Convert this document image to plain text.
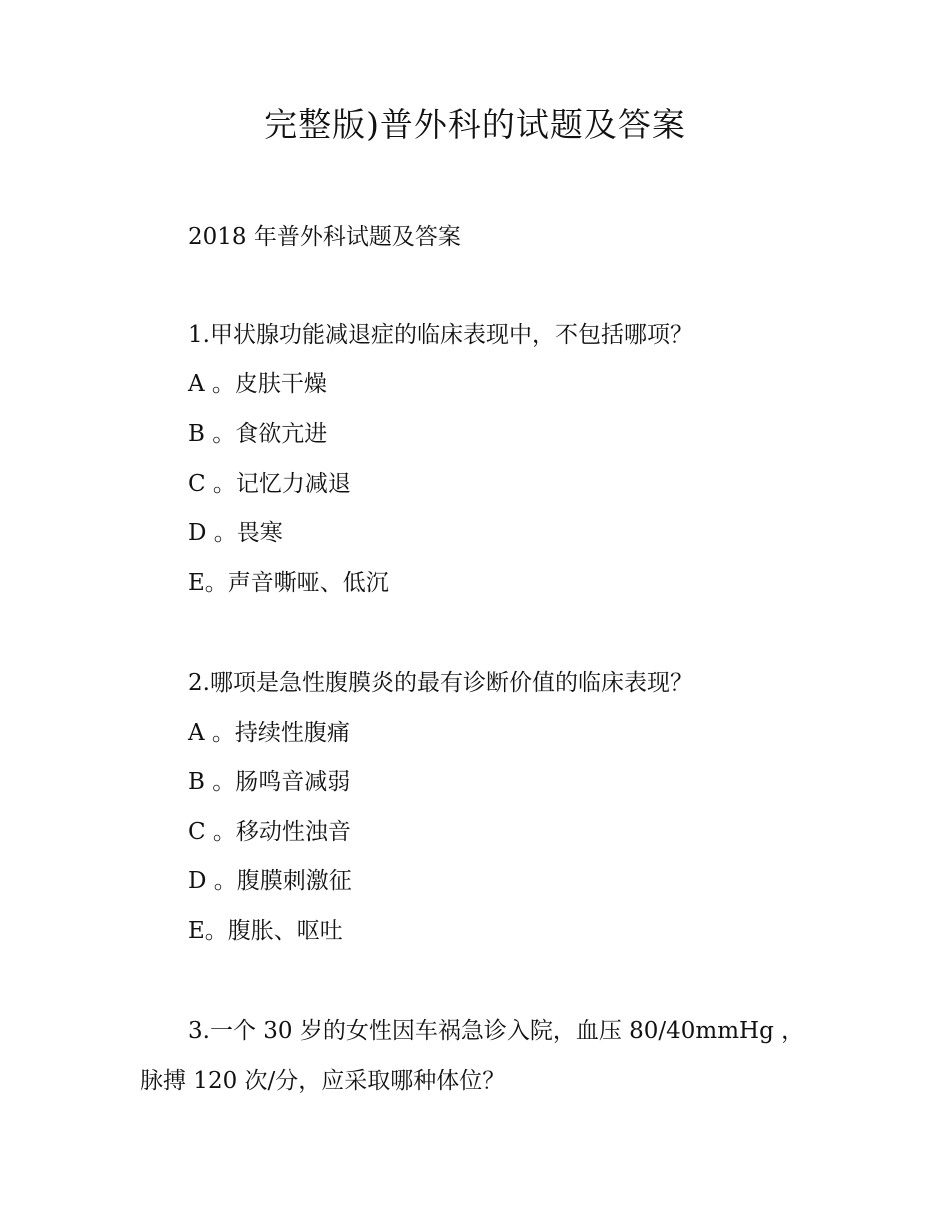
完整版)普外科的试题及答案
2018 年普外科试题及答案
1.甲状腺功能减退症的临床表现中，不包括哪项？
A 。皮肤干燥
B 。食欲亢进
C 。记忆力减退
D 。畏寒
E。声音嘶哑、低沉
2.哪项是急性腹膜炎的最有诊断价值的临床表现？
A 。持续性腹痛
B 。肠鸣音减弱
C 。移动性浊音
D 。腹膜刺激征
E。腹胀、呕吐
3.一个 30 岁的女性因车祸急诊入院，血压 80/40mmHg ，
脉搏 120 次/分，应采取哪种体位？
